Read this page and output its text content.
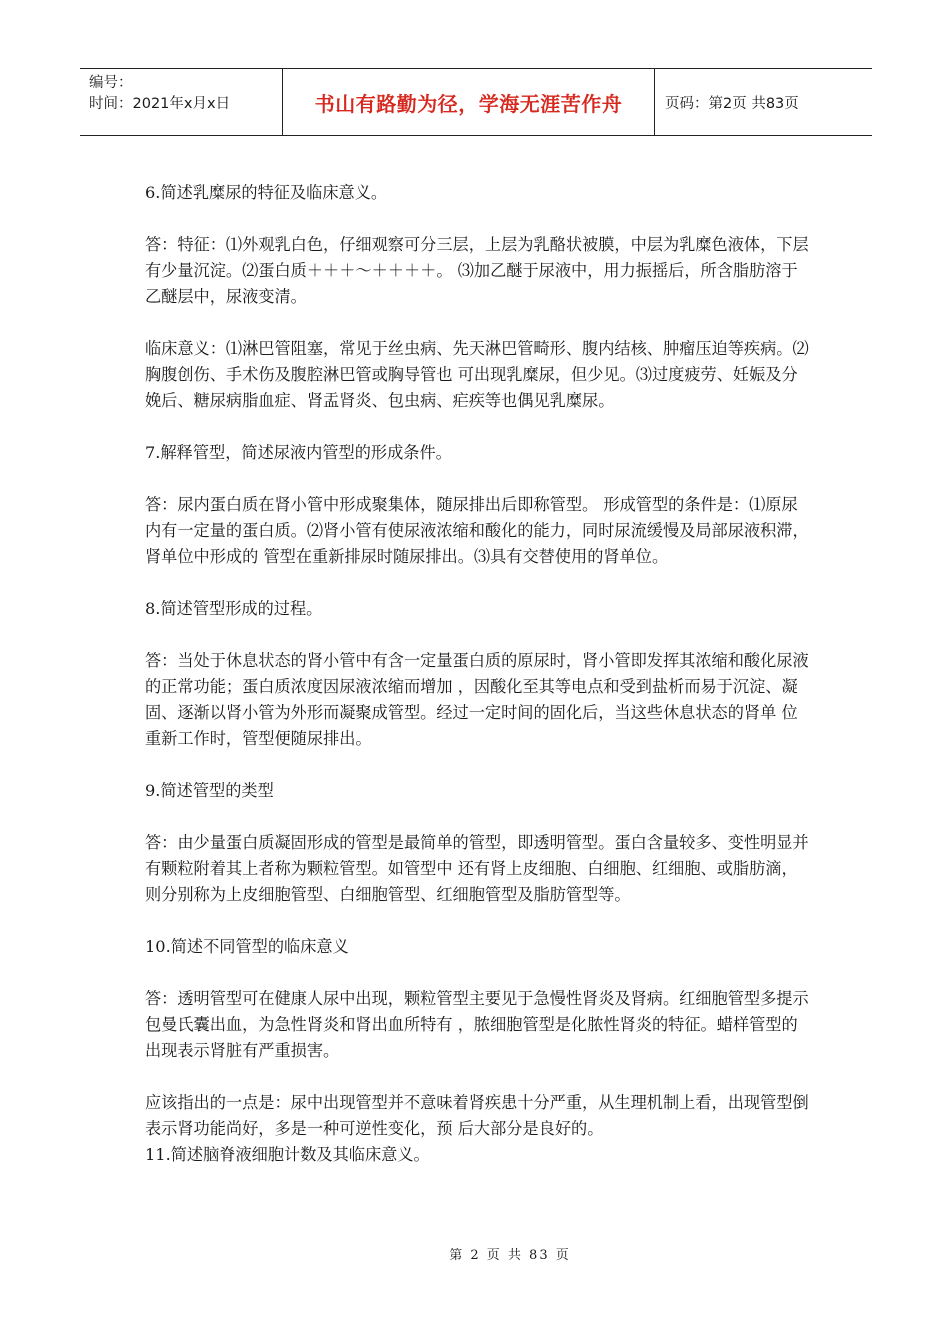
编号：
时间：2021年x月x日	书山有路勤为径，学海无涯苦作舟	页码：第2页 共83页

6.简述乳糜尿的特征及临床意义。

答：特征：⑴外观乳白色，仔细观察可分三层，上层为乳酪状被膜，中层为乳糜色液体，下层有少量沉淀。⑵蛋白质＋＋＋～＋＋＋＋。 ⑶加乙醚于尿液中，用力振摇后，所含脂肪溶于乙醚层中，尿液变清。

临床意义：⑴淋巴管阻塞，常见于丝虫病、先天淋巴管畸形、腹内结核、肿瘤压迫等疾病。⑵胸腹创伤、手术伤及腹腔淋巴管或胸导管也 可出现乳糜尿，但少见。⑶过度疲劳、妊娠及分娩后、糖尿病脂血症、肾盂肾炎、包虫病、疟疾等也偶见乳糜尿。

7.解释管型，简述尿液内管型的形成条件。

答：尿内蛋白质在肾小管中形成聚集体，随尿排出后即称管型。 形成管型的条件是：⑴原尿内有一定量的蛋白质。⑵肾小管有使尿液浓缩和酸化的能力，同时尿流缓慢及局部尿液积滞，肾单位中形成的 管型在重新排尿时随尿排出。⑶具有交替使用的肾单位。

8.简述管型形成的过程。

答：当处于休息状态的肾小管中有含一定量蛋白质的原尿时，肾小管即发挥其浓缩和酸化尿液的正常功能；蛋白质浓度因尿液浓缩而增加 ，因酸化至其等电点和受到盐析而易于沉淀、凝固、逐渐以肾小管为外形而凝聚成管型。经过一定时间的固化后，当这些休息状态的肾单 位重新工作时，管型便随尿排出。

9.简述管型的类型

答：由少量蛋白质凝固形成的管型是最简单的管型，即透明管型。蛋白含量较多、变性明显并有颗粒附着其上者称为颗粒管型。如管型中 还有肾上皮细胞、白细胞、红细胞、或脂肪滴，则分别称为上皮细胞管型、白细胞管型、红细胞管型及脂肪管型等。

10.简述不同管型的临床意义

答：透明管型可在健康人尿中出现，颗粒管型主要见于急慢性肾炎及肾病。红细胞管型多提示包曼氏囊出血，为急性肾炎和肾出血所特有 ，脓细胞管型是化脓性肾炎的特征。蜡样管型的出现表示肾脏有严重损害。

应该指出的一点是：尿中出现管型并不意味着肾疾患十分严重，从生理机制上看，出现管型倒表示肾功能尚好，多是一种可逆性变化，预 后大部分是良好的。

11.简述脑脊液细胞计数及其临床意义。

第 2 页 共 83 页
